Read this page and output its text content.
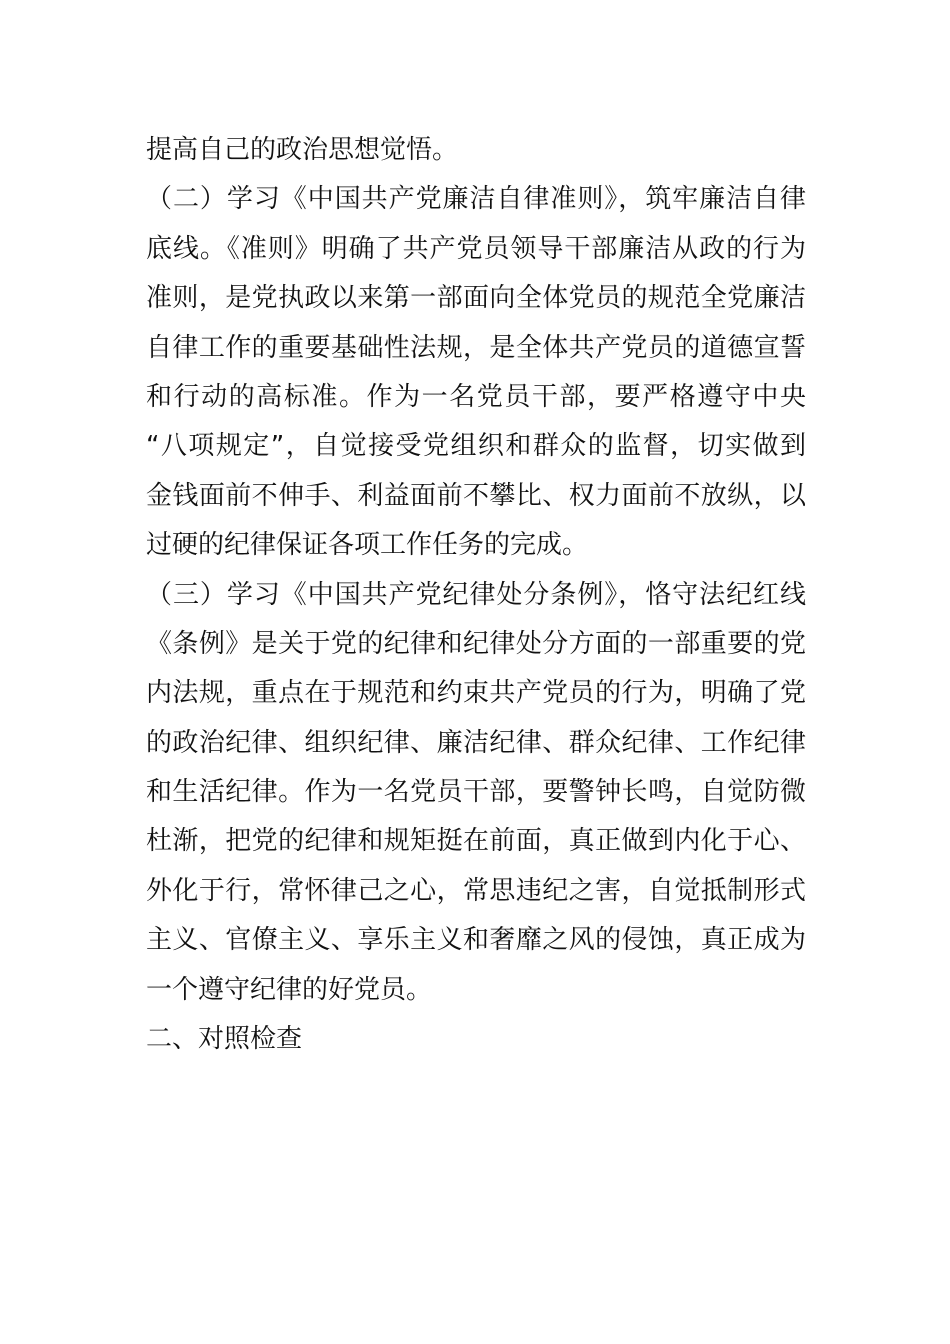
提高自己的政治思想觉悟。
（二）学习《中国共产党廉洁自律准则》，筑牢廉洁自律
底线。《准则》明确了共产党员领导干部廉洁从政的行为
准则，是党执政以来第一部面向全体党员的规范全党廉洁
自律工作的重要基础性法规，是全体共产党员的道德宣誓
和行动的高标准。作为一名党员干部，要严格遵守中央
“八项规定”，自觉接受党组织和群众的监督，切实做到
金钱面前不伸手、利益面前不攀比、权力面前不放纵，以
过硬的纪律保证各项工作任务的完成。
（三）学习《中国共产党纪律处分条例》，恪守法纪红线
《条例》是关于党的纪律和纪律处分方面的一部重要的党
内法规，重点在于规范和约束共产党员的行为，明确了党
的政治纪律、组织纪律、廉洁纪律、群众纪律、工作纪律
和生活纪律。作为一名党员干部，要警钟长鸣，自觉防微
杜渐，把党的纪律和规矩挺在前面，真正做到内化于心、
外化于行，常怀律己之心，常思违纪之害，自觉抵制形式
主义、官僚主义、享乐主义和奢靡之风的侵蚀，真正成为
一个遵守纪律的好党员。
二、对照检查
